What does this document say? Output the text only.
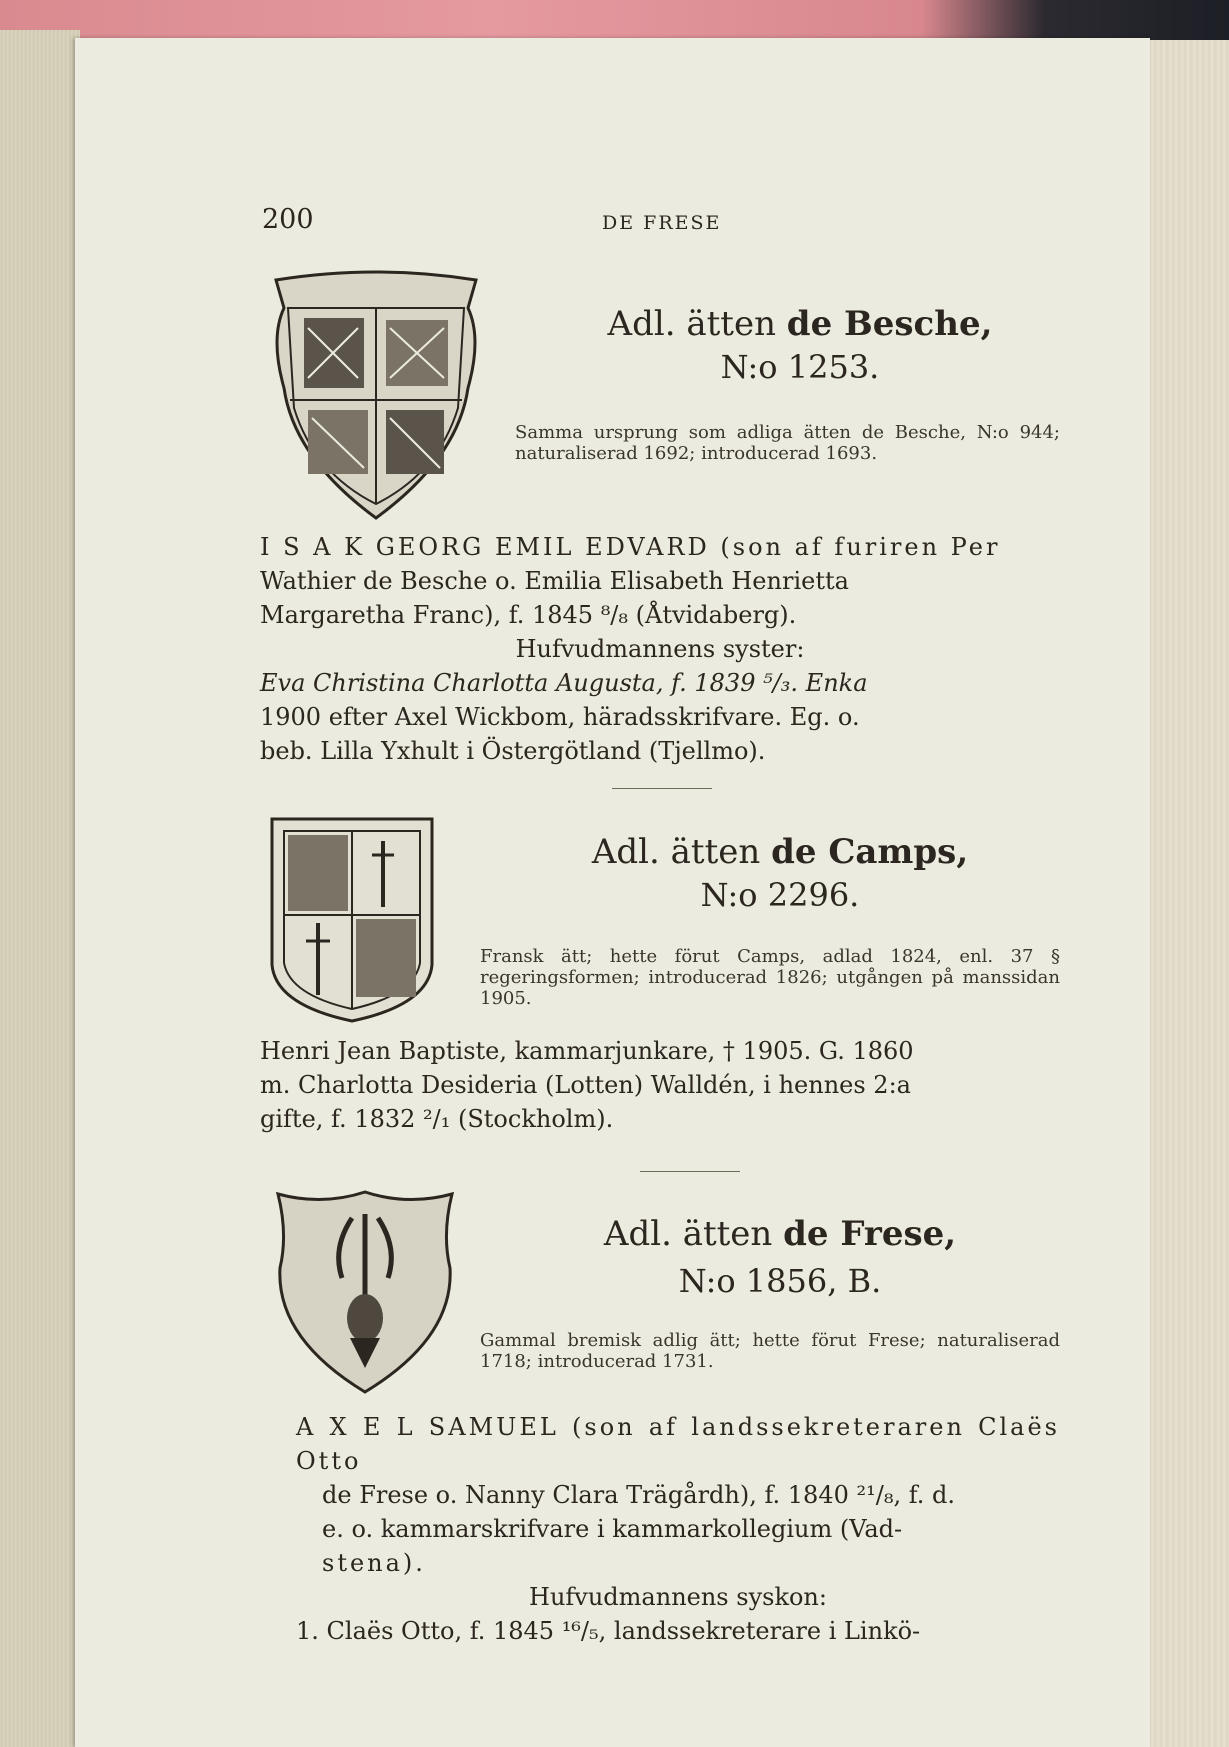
200	DE FRESE
Adl. ätten de Besche,
N:o 1253.
Samma ursprung som adliga ätten de Besche, N:o 944; naturaliserad 1692; introducerad 1693.

I S A K GEORG EMIL EDVARD (son af furiren Per

Wathier de Besche o. Emilia Elisabeth Henrietta

Margaretha Franc), f. 1845 ⁸/₈ (Åtvidaberg).

Hufvudmannens syster:

Eva Christina Charlotta Augusta, f. 1839 ⁵/₃. Enka

1900 efter Axel Wickbom, häradsskrifvare. Eg. o.

beb. Lilla Yxhult i Östergötland (Tjellmo).

Adl. ätten de Camps,
N:o 2296.
Fransk ätt; hette förut Camps, adlad 1824, enl. 37 § regeringsformen; introducerad 1826; utgången på manssidan 1905.

Henri Jean Baptiste, kammarjunkare, † 1905. G. 1860

m. Charlotta Desideria (Lotten) Walldén, i hennes 2:a

gifte, f. 1832 ²/₁ (Stockholm).

Adl. ätten de Frese,
N:o 1856, B.
Gammal bremisk adlig ätt; hette förut Frese; naturaliserad 1718; introducerad 1731.

A X E L SAMUEL (son af landssekreteraren Claës Otto

de Frese o. Nanny Clara Trägårdh), f. 1840 ²¹/₈, f. d.

e. o. kammarskrifvare i kammarkollegium (Vad-

stena).

Hufvudmannens syskon:

1. Claës Otto, f. 1845 ¹⁶/₅, landssekreterare i Linkö-
